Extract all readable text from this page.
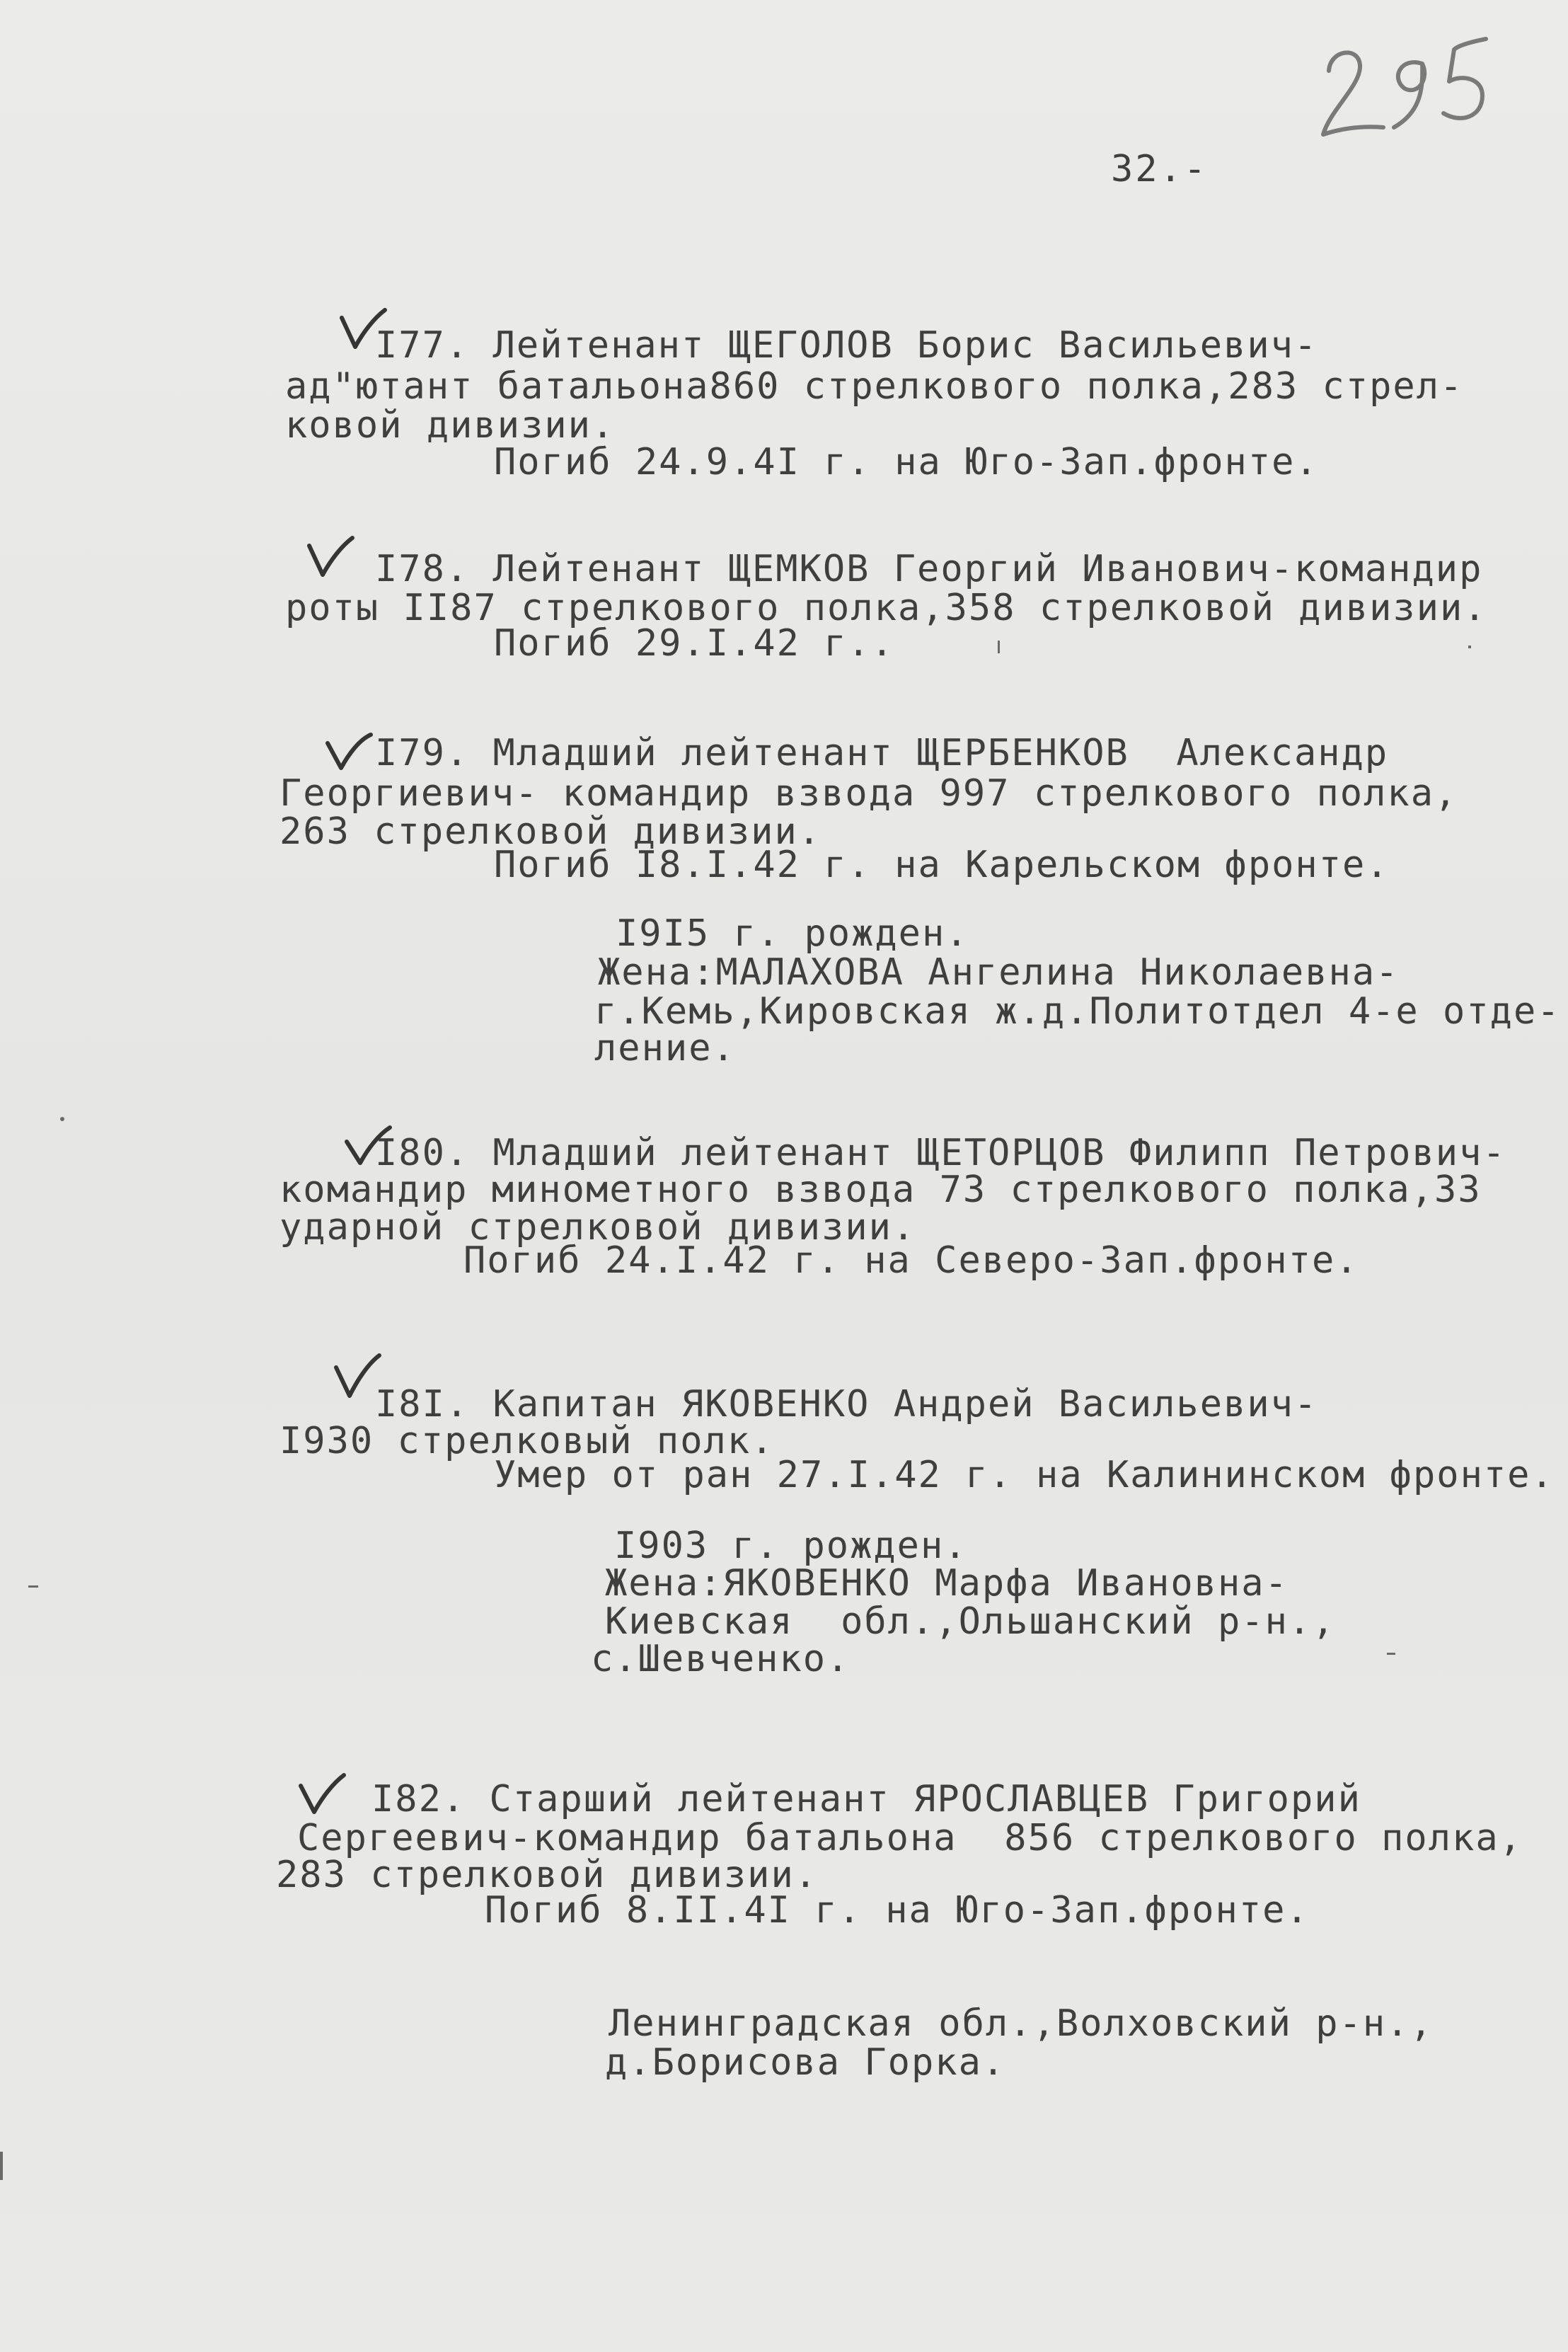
32.-
I77. Лейтенант ЩЕГОЛОВ Борис Васильевич-
ад"ютант батальона860 стрелкового полка,283 стрел-
ковой дивизии.
Погиб 24.9.4I г. на Юго-Зап.фронте.
I78. Лейтенант ЩЕМКОВ Георгий Иванович-командир
роты II87 стрелкового полка,358 стрелковой дивизии.
Погиб 29.I.42 г..
I79. Младший лейтенант ЩЕРБЕНКОВ  Александр
Георгиевич- командир взвода 997 стрелкового полка,
263 стрелковой дивизии.
Погиб I8.I.42 г. на Карельском фронте.
I9I5 г. рожден.
Жена:МАЛАХОВА Ангелина Николаевна-
г.Кемь,Кировская ж.д.Политотдел 4-е отде-
ление.
I80. Младший лейтенант ЩЕТОРЦОВ Филипп Петрович-
командир минометного взвода 73 стрелкового полка,33
ударной стрелковой дивизии.
Погиб 24.I.42 г. на Северо-Зап.фронте.
I8I. Капитан ЯКОВЕНКО Андрей Васильевич-
I930 стрелковый полк.
Умер от ран 27.I.42 г. на Калининском фронте.
I903 г. рожден.
Жена:ЯКОВЕНКО Марфа Ивановна-
Киевская  обл.,Ольшанский р-н.,
с.Шевченко.
I82. Старший лейтенант ЯРОСЛАВЦЕВ Григорий
Сергеевич-командир батальона  856 стрелкового полка,
283 стрелковой дивизии.
Погиб 8.II.4I г. на Юго-Зап.фронте.
Ленинградская обл.,Волховский р-н.,
д.Борисова Горка.
